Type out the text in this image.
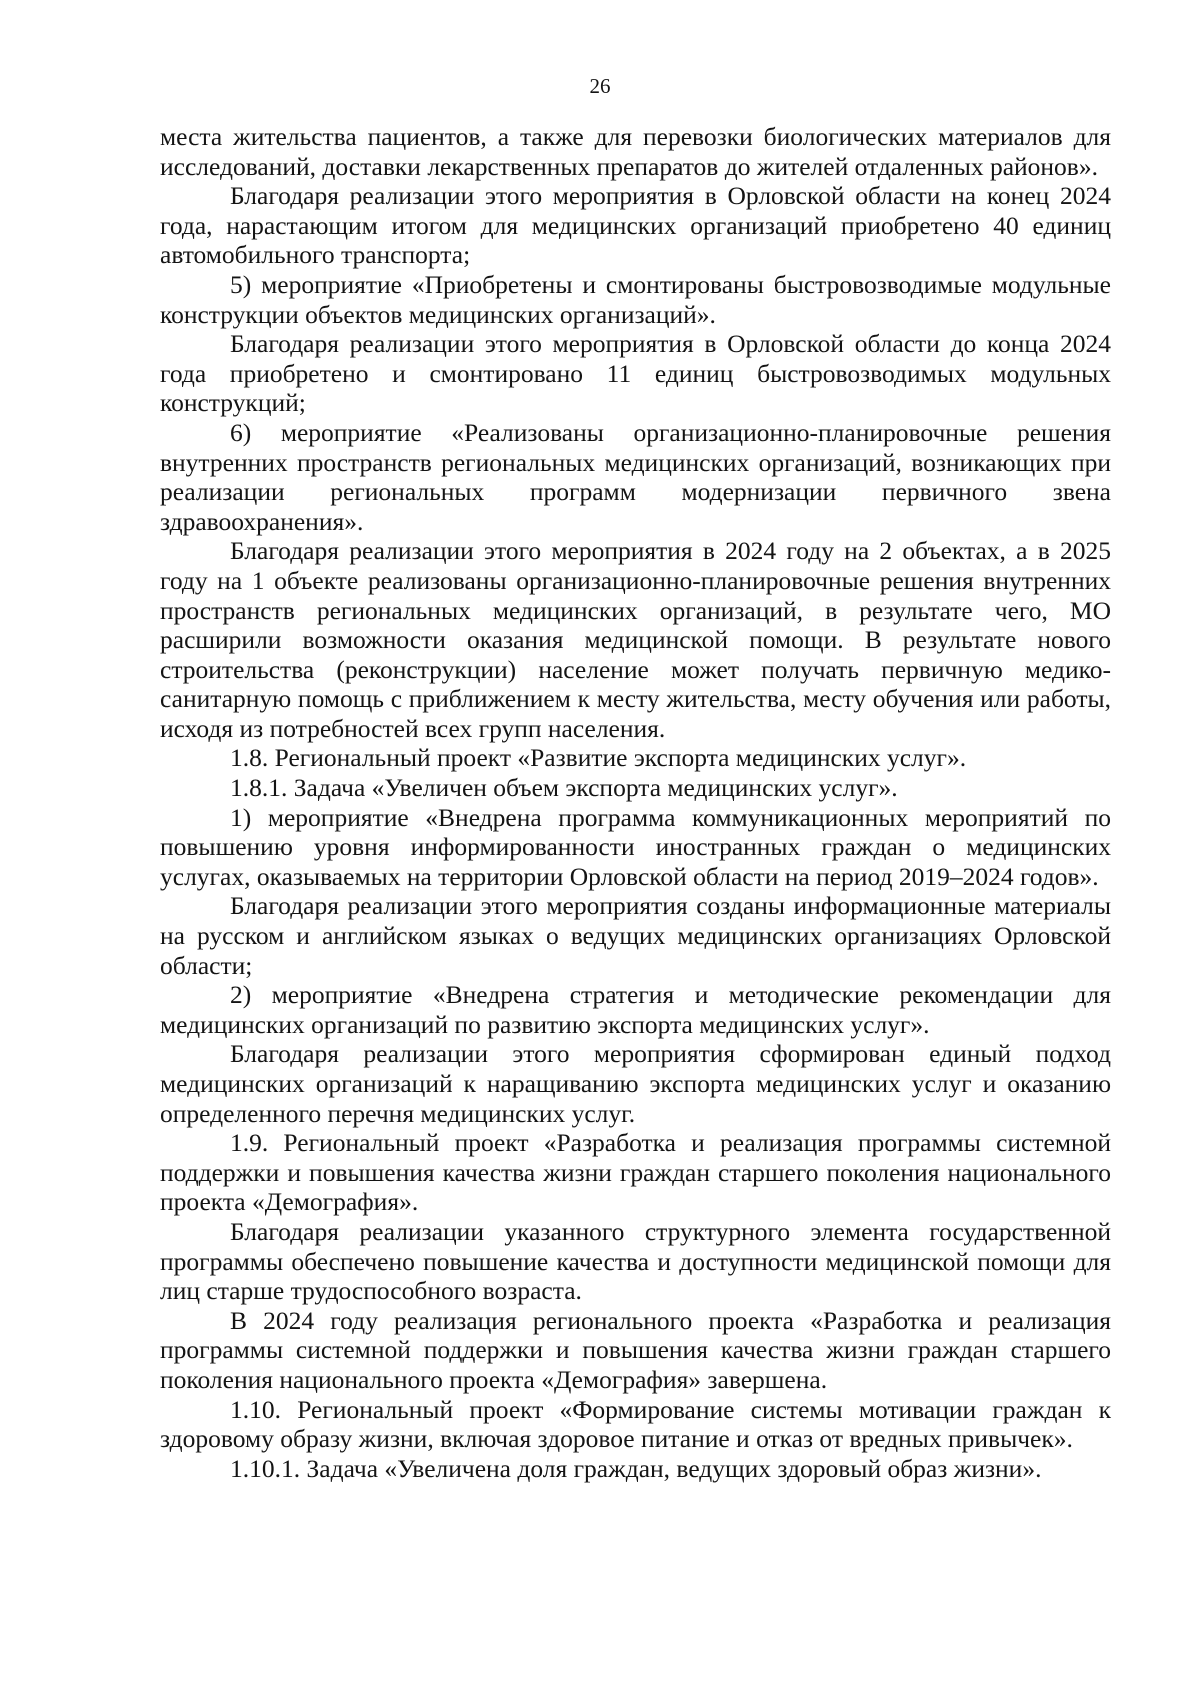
26

места жительства пациентов, а также для перевозки биологических материалов для исследований, доставки лекарственных препаратов до жителей отдаленных районов».

Благодаря реализации этого мероприятия в Орловской области на конец 2024 года, нарастающим итогом для медицинских организаций приобретено 40 единиц автомобильного транспорта;

5) мероприятие «Приобретены и смонтированы быстровозводимые модульные конструкции объектов медицинских организаций».

Благодаря реализации этого мероприятия в Орловской области до конца 2024 года приобретено и смонтировано 11 единиц быстровозводимых модульных конструкций;

6) мероприятие «Реализованы организационно-планировочные решения внутренних пространств региональных медицинских организаций, возникающих при реализации региональных программ модернизации первичного звена здравоохранения».

Благодаря реализации этого мероприятия в 2024 году на 2 объектах, а в 2025 году на 1 объекте реализованы организационно-планировочные решения внутренних пространств региональных медицинских организаций, в результате чего, МО расширили возможности оказания медицинской помощи. В результате нового строительства (реконструкции) население может получать первичную медико-санитарную помощь с приближением к месту жительства, месту обучения или работы, исходя из потребностей всех групп населения.

1.8. Региональный проект «Развитие экспорта медицинских услуг».

1.8.1. Задача «Увеличен объем экспорта медицинских услуг».

1) мероприятие «Внедрена программа коммуникационных мероприятий по повышению уровня информированности иностранных граждан о медицинских услугах, оказываемых на территории Орловской области на период 2019–2024 годов».

Благодаря реализации этого мероприятия созданы информационные материалы на русском и английском языках о ведущих медицинских организациях Орловской области;

2) мероприятие «Внедрена стратегия и методические рекомендации для медицинских организаций по развитию экспорта медицинских услуг».

Благодаря реализации этого мероприятия сформирован единый подход медицинских организаций к наращиванию экспорта медицинских услуг и оказанию определенного перечня медицинских услуг.

1.9. Региональный проект «Разработка и реализация программы системной поддержки и повышения качества жизни граждан старшего поколения национального проекта «Демография».

Благодаря реализации указанного структурного элемента государственной программы обеспечено повышение качества и доступности медицинской помощи для лиц старше трудоспособного возраста.

В 2024 году реализация регионального проекта «Разработка и реализация программы системной поддержки и повышения качества жизни граждан старшего поколения национального проекта «Демография» завершена.

1.10. Региональный проект «Формирование системы мотивации граждан к здоровому образу жизни, включая здоровое питание и отказ от вредных привычек».

1.10.1. Задача «Увеличена доля граждан, ведущих здоровый образ жизни».
